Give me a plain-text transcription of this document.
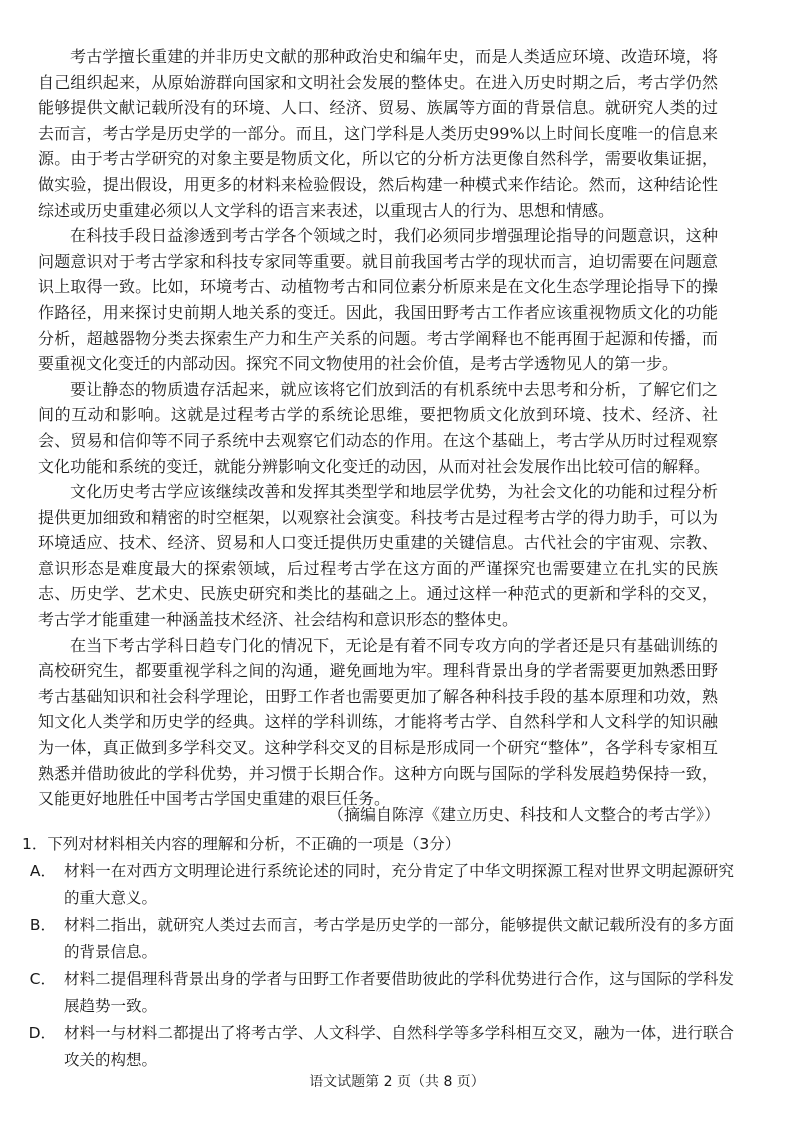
考古学擅长重建的并非历史文献的那种政治史和编年史，而是人类适应环境、改造环境，将自己组织起来，从原始游群向国家和文明社会发展的整体史。在进入历史时期之后，考古学仍然能够提供文献记载所没有的环境、人口、经济、贸易、族属等方面的背景信息。就研究人类的过去而言，考古学是历史学的一部分。而且，这门学科是人类历史99%以上时间长度唯一的信息来源。由于考古学研究的对象主要是物质文化，所以它的分析方法更像自然科学，需要收集证据，做实验，提出假设，用更多的材料来检验假设，然后构建一种模式来作结论。然而，这种结论性综述或历史重建必须以人文学科的语言来表述，以重现古人的行为、思想和情感。

在科技手段日益渗透到考古学各个领域之时，我们必须同步增强理论指导的问题意识，这种问题意识对于考古学家和科技专家同等重要。就目前我国考古学的现状而言，迫切需要在问题意识上取得一致。比如，环境考古、动植物考古和同位素分析原来是在文化生态学理论指导下的操作路径，用来探讨史前期人地关系的变迁。因此，我国田野考古工作者应该重视物质文化的功能分析，超越器物分类去探索生产力和生产关系的问题。考古学阐释也不能再囿于起源和传播，而要重视文化变迁的内部动因。探究不同文物使用的社会价值，是考古学透物见人的第一步。

要让静态的物质遗存活起来，就应该将它们放到活的有机系统中去思考和分析，了解它们之间的互动和影响。这就是过程考古学的系统论思维，要把物质文化放到环境、技术、经济、社会、贸易和信仰等不同子系统中去观察它们动态的作用。在这个基础上，考古学从历时过程观察文化功能和系统的变迁，就能分辨影响文化变迁的动因，从而对社会发展作出比较可信的解释。

文化历史考古学应该继续改善和发挥其类型学和地层学优势，为社会文化的功能和过程分析提供更加细致和精密的时空框架，以观察社会演变。科技考古是过程考古学的得力助手，可以为环境适应、技术、经济、贸易和人口变迁提供历史重建的关键信息。古代社会的宇宙观、宗教、意识形态是难度最大的探索领域，后过程考古学在这方面的严谨探究也需要建立在扎实的民族志、历史学、艺术史、民族史研究和类比的基础之上。通过这样一种范式的更新和学科的交叉，考古学才能重建一种涵盖技术经济、社会结构和意识形态的整体史。

在当下考古学科日趋专门化的情况下，无论是有着不同专攻方向的学者还是只有基础训练的高校研究生，都要重视学科之间的沟通，避免画地为牢。理科背景出身的学者需要更加熟悉田野考古基础知识和社会科学理论，田野工作者也需要更加了解各种科技手段的基本原理和功效，熟知文化人类学和历史学的经典。这样的学科训练，才能将考古学、自然科学和人文科学的知识融为一体，真正做到多学科交叉。这种学科交叉的目标是形成同一个研究“整体”，各学科专家相互熟悉并借助彼此的学科优势，并习惯于长期合作。这种方向既与国际的学科发展趋势保持一致，又能更好地胜任中国考古学国史重建的艰巨任务。

（摘编自陈淳《建立历史、科技和人文整合的考古学》）

1．下列对材料相关内容的理解和分析，不正确的一项是（3分）

A． 材料一在对西方文明理论进行系统论述的同时，充分肯定了中华文明探源工程对世界文明起源研究的重大意义。
B． 材料二指出，就研究人类过去而言，考古学是历史学的一部分，能够提供文献记载所没有的多方面的背景信息。
C． 材料二提倡理科背景出身的学者与田野工作者要借助彼此的学科优势进行合作，这与国际的学科发展趋势一致。
D． 材料一与材料二都提出了将考古学、人文科学、自然科学等多学科相互交叉，融为一体，进行联合攻关的构想。
语文试题第 2 页（共 8 页）
